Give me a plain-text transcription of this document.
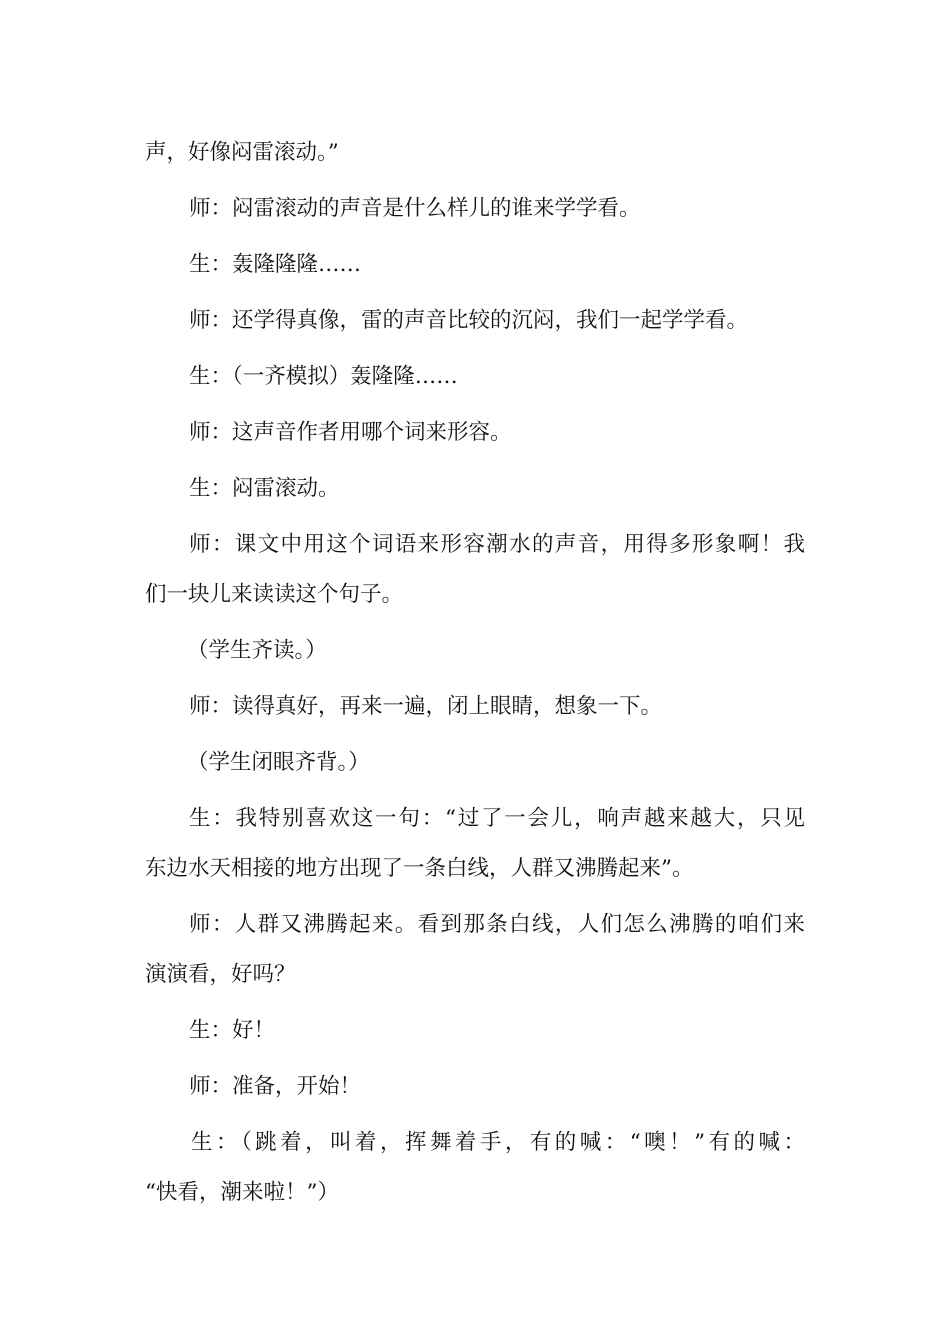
声，好像闷雷滚动。”

师：闷雷滚动的声音是什么样儿的谁来学学看。

生：轰隆隆隆……

师：还学得真像，雷的声音比较的沉闷，我们一起学学看。

生：（一齐模拟）轰隆隆……

师：这声音作者用哪个词来形容。

生：闷雷滚动。

师：课文中用这个词语来形容潮水的声音，用得多形象啊！我

们一块儿来读读这个句子。

（学生齐读。）

师：读得真好，再来一遍，闭上眼睛，想象一下。

（学生闭眼齐背。）

生：我特别喜欢这一句：“过了一会儿，响声越来越大，只见

东边水天相接的地方出现了一条白线，人群又沸腾起来”。

师：人群又沸腾起来。看到那条白线，人们怎么沸腾的咱们来

演演看，好吗？

生：好！

师：准备，开始！

生：（跳着，叫着，挥舞着手，有的喊：“噢！”有的喊：

“快看，潮来啦！”）
